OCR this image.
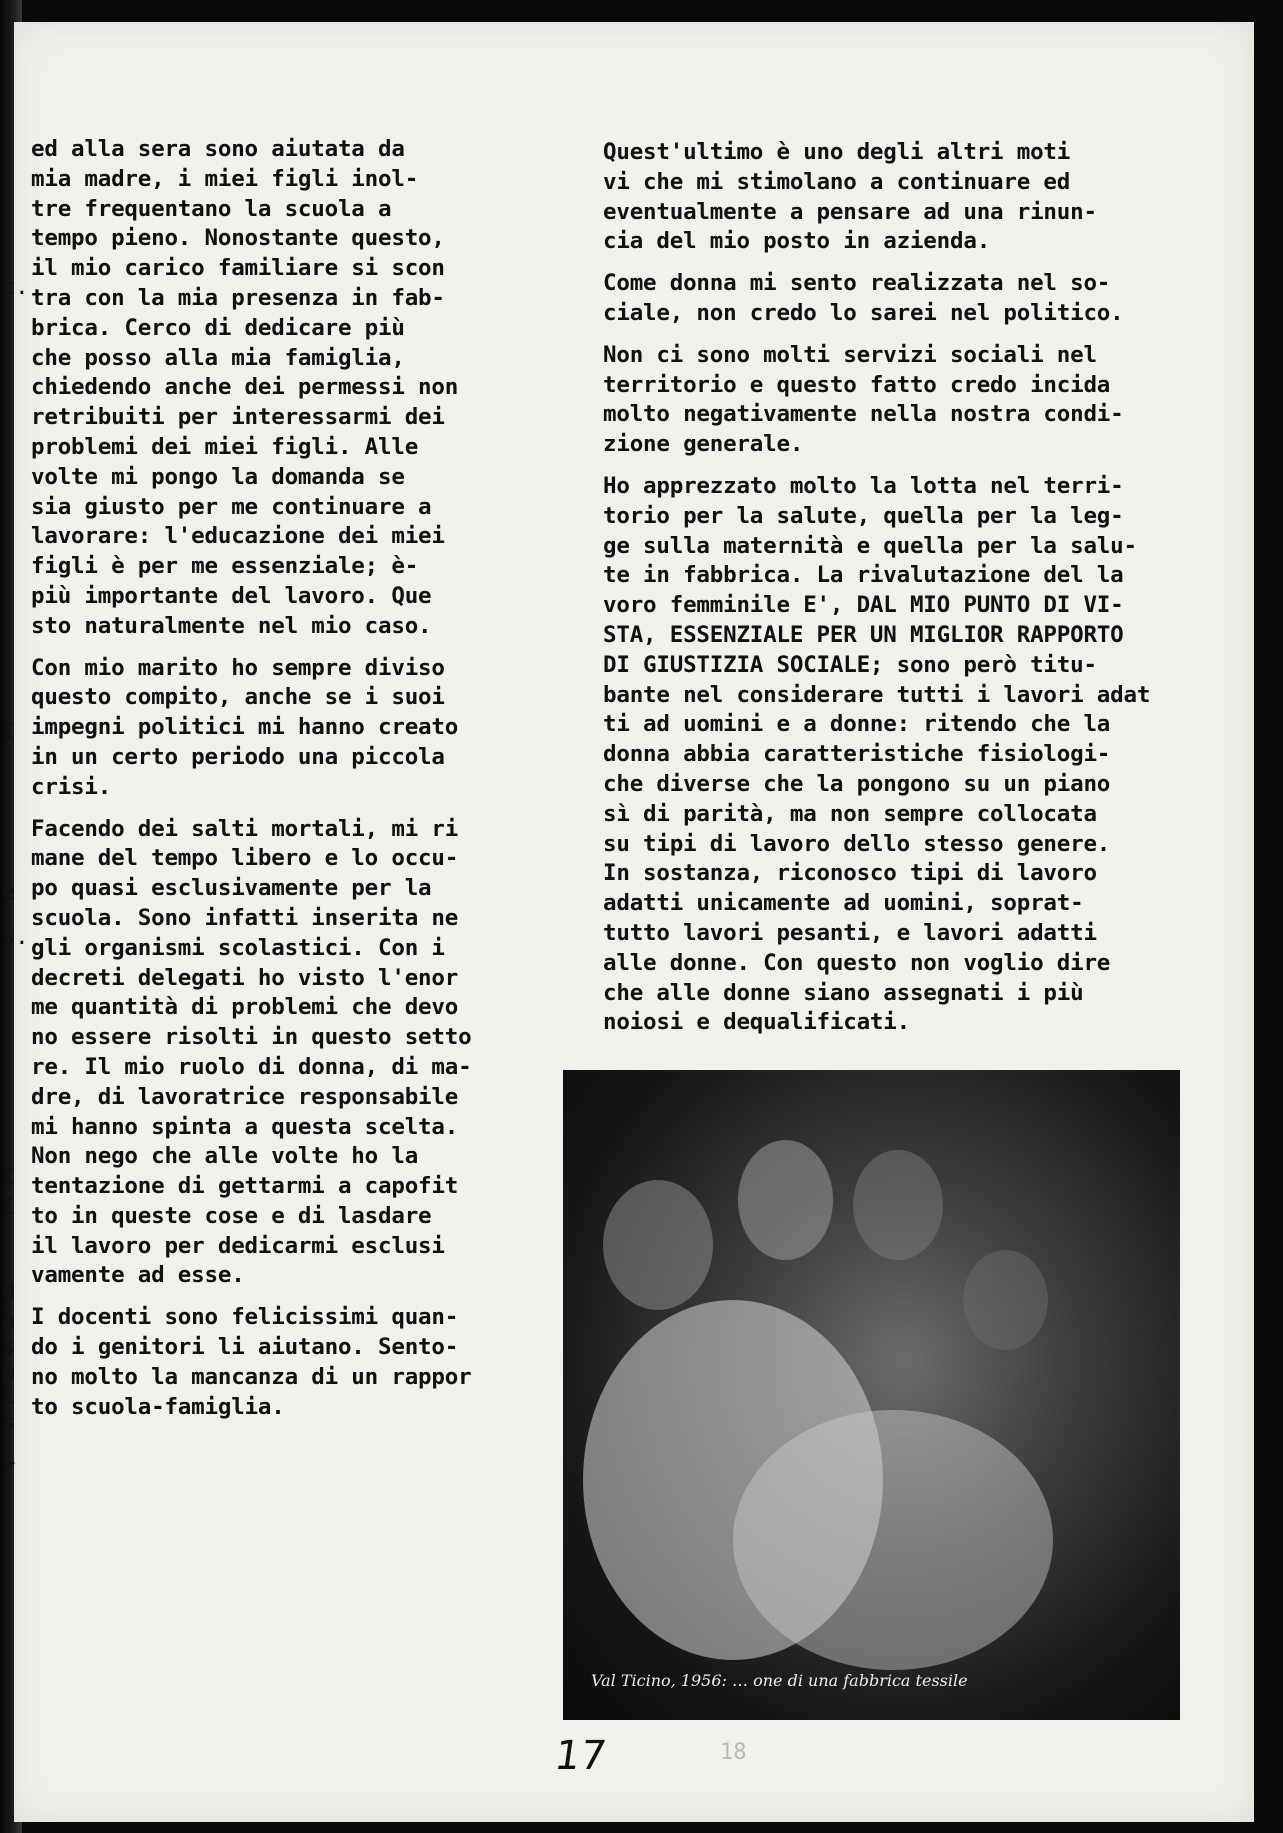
c.
I
e
s.
I
I
d
o
s
p
l
s
r

ed alla sera sono aiutata da
mia madre, i miei figli inol-
tre frequentano la scuola a
tempo pieno. Nonostante questo,
il mio carico familiare si scon
tra con la mia presenza in fab-
brica. Cerco di dedicare più
che posso alla mia famiglia,
chiedendo anche dei permessi non
retribuiti per interessarmi dei
problemi dei miei figli. Alle
volte mi pongo la domanda se
sia giusto per me continuare a
lavorare: l'educazione dei miei
figli è per me essenziale; è-
più importante del lavoro. Que
sto naturalmente nel mio caso.

Con mio marito ho sempre diviso
questo compito, anche se i suoi
impegni politici mi hanno creato
in un certo periodo una piccola
crisi.

Facendo dei salti mortali, mi ri
mane del tempo libero e lo occu-
po quasi esclusivamente per la
scuola. Sono infatti inserita ne
gli organismi scolastici. Con i
decreti delegati ho visto l'enor
me quantità di problemi che devo
no essere risolti in questo setto
re. Il mio ruolo di donna, di ma-
dre, di lavoratrice responsabile
mi hanno spinta a questa scelta.
Non nego che alle volte ho la
tentazione di gettarmi a capofit
to in queste cose e di lasdare
il lavoro per dedicarmi esclusi
vamente ad esse.

I docenti sono felicissimi quan-
do i genitori li aiutano. Sento-
no molto la mancanza di un rappor
to scuola-famiglia.

Quest'ultimo è uno degli altri moti
vi che mi stimolano a continuare ed
eventualmente a pensare ad una rinun-
cia del mio posto in azienda.

Come donna mi sento realizzata nel so-
ciale, non credo lo sarei nel politico.

Non ci sono molti servizi sociali nel
territorio e questo fatto credo incida
molto negativamente nella nostra condi-
zione generale.

Ho apprezzato molto la lotta nel terri-
torio per la salute, quella per la leg-
ge sulla maternità e quella per la salu-
te in fabbrica. La rivalutazione del la
voro femminile E', DAL MIO PUNTO DI VI-
STA, ESSENZIALE PER UN MIGLIOR RAPPORTO
DI GIUSTIZIA SOCIALE; sono però titu-
bante nel considerare tutti i lavori adat
ti ad uomini e a donne: ritendo che la
donna abbia caratteristiche fisiologi-
che diverse che la pongono su un piano
sì di parità, ma non sempre collocata
su tipi di lavoro dello stesso genere.
In sostanza, riconosco tipi di lavoro
adatti unicamente ad uomini, soprat-
tutto lavori pesanti, e lavori adatti
alle donne. Con questo non voglio dire
che alle donne siano assegnati i più
noiosi e dequalificati.

Val Ticino, 1956: … one di una fabbrica tessile
17	18
